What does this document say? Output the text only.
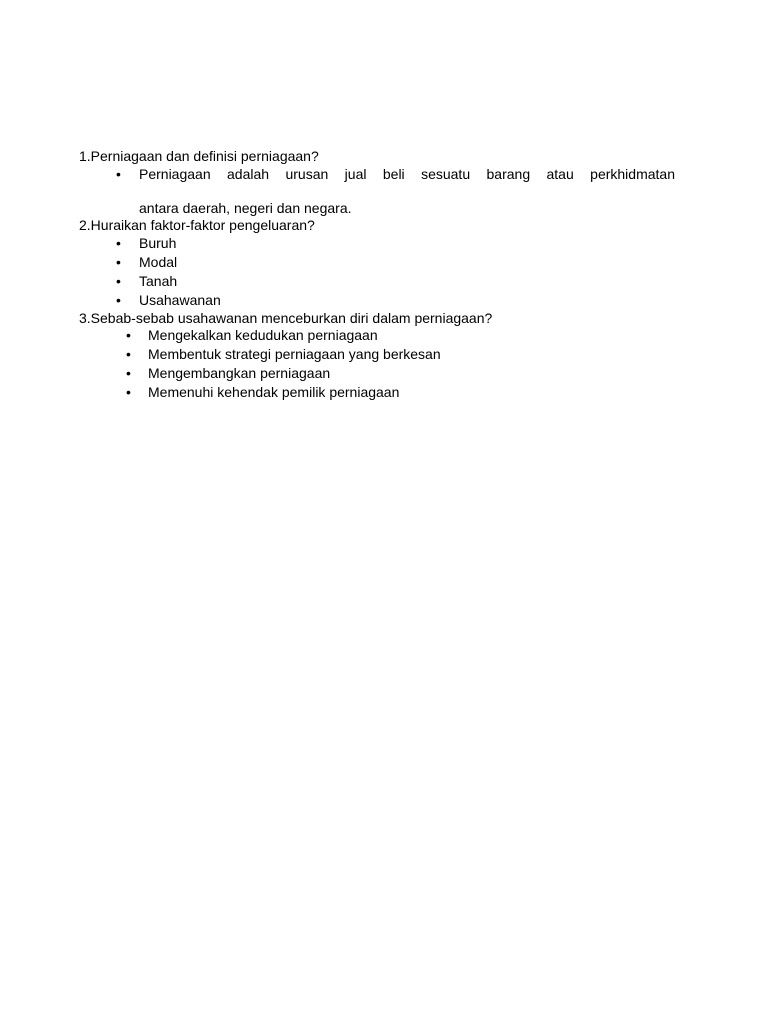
1.Perniagaan dan definisi perniagaan?

• Perniagaan adalah urusan jual beli sesuatu barang atau perkhidmatan

antara daerah, negeri dan negara.

2.Huraikan faktor-faktor pengeluaran?

• Buruh

• Modal

• Tanah

• Usahawanan

3.Sebab-sebab usahawanan menceburkan diri dalam perniagaan?

• Mengekalkan kedudukan perniagaan

• Membentuk strategi perniagaan yang berkesan

• Mengembangkan perniagaan

• Memenuhi kehendak pemilik perniagaan
